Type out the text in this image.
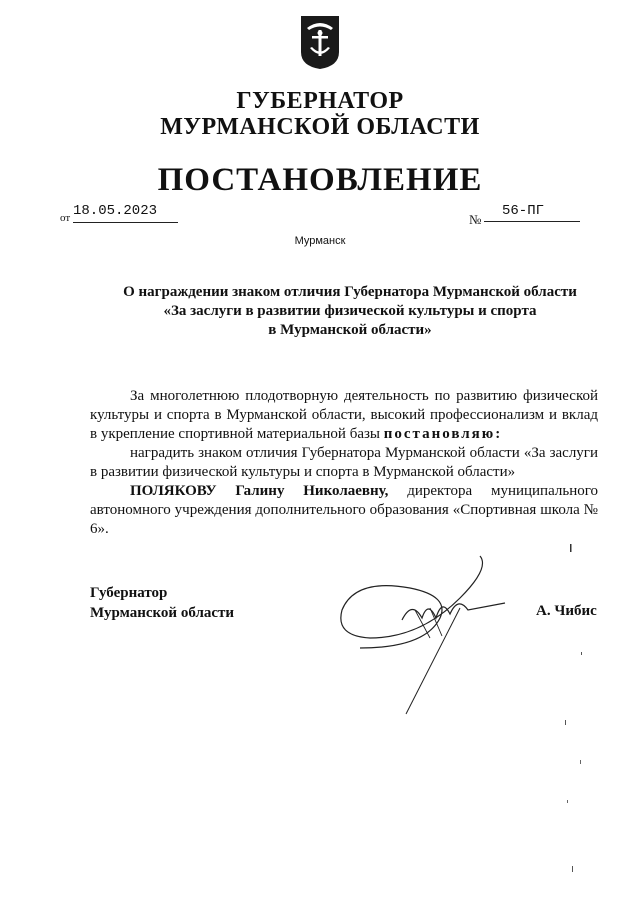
ГУБЕРНАТОР
МУРМАНСКОЙ ОБЛАСТИ
ПОСТАНОВЛЕНИЕ
от 18.05.2023
№
56-ПГ
Мурманск
О награждении знаком отличия Губернатора Мурманской области
«За заслуги в развитии физической культуры и спорта
в Мурманской области»

За многолетнюю плодотворную деятельность по развитию физической культуры и спорта в Мурманской области, высокий профессионализм и вклад в укрепление спортивной материальной базы постановляю:

наградить знаком отличия Губернатора Мурманской области «За заслуги в развитии физической культуры и спорта в Мурманской области»

ПОЛЯКОВУ Галину Николаевну, директора муниципального автономного учреждения дополнительного образования «Спортивная школа № 6».

Губернатор
Мурманской области	А. Чибис
